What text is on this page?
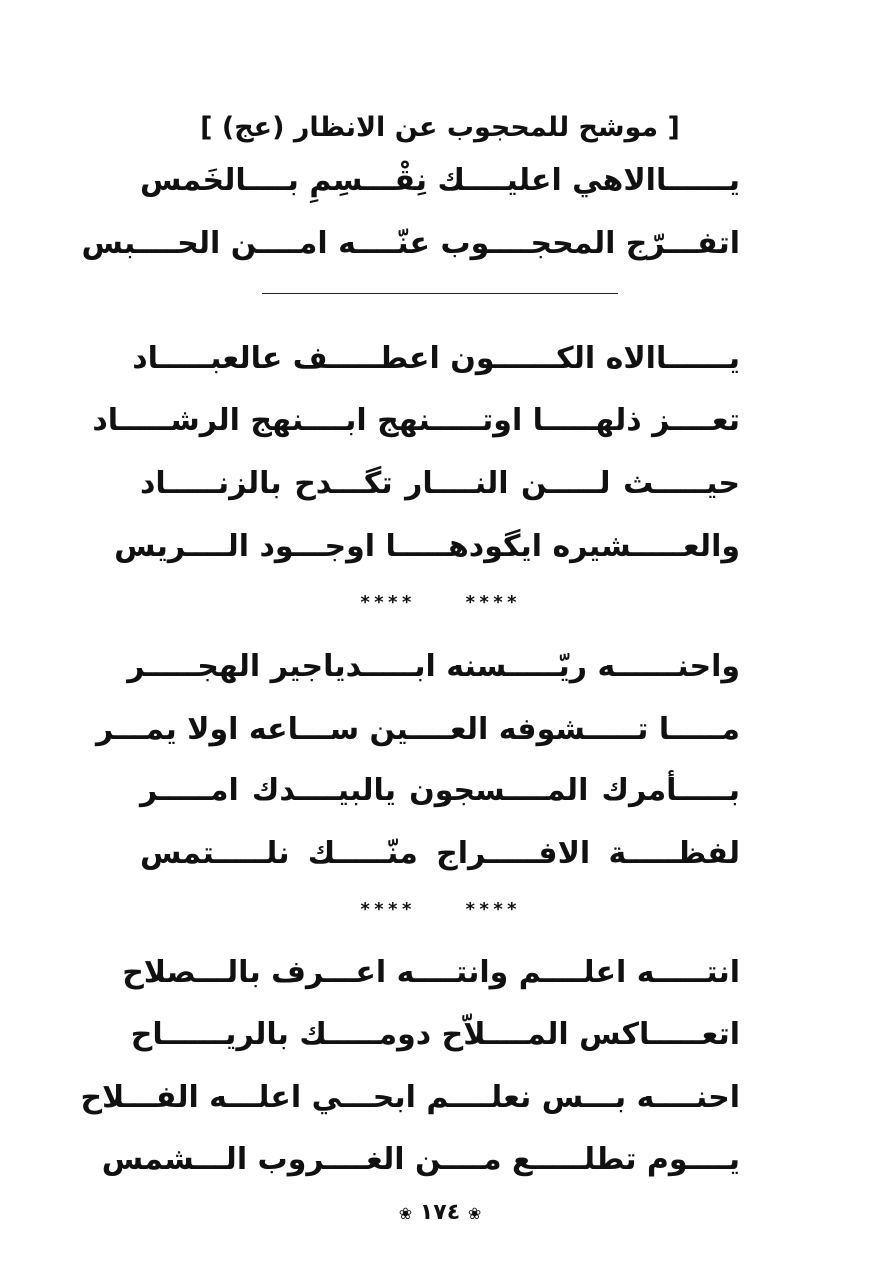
[ موشح للمحجوب عن الانظار (عج) ]
يــــــاالاهي اعليــــك نِقْـــسِمِ بــــالخَمس
اتفـــرّج المحجــــوب عنّــــه امــــن الحــــبس
يــــــاالاه الكــــــون اعطـــــف عالعبـــــاد
تعــــز ذلهـــــا اوتـــــنهج ابــــنهج الرشـــــاد
حيـــــث لـــــن النــــار تگـــدح بالزنـــــاد
والعـــــشيره ايگودهـــــا اوجـــود الــــريس
****	****
واحنــــــه ريّـــــسنه ابـــــدياجير الهجـــــر
مـــــا تـــــشوفه العــــين ســـاعه اولا يمـــر
بـــــأمرك المــــسجون يالبيــــدك امـــــر
لفظـــــة الافـــــراج منّـــــك نلـــــتمس
****	****
انتـــــه اعلــــم وانتــــه اعـــرف بالـــصلاح
اتعـــــاكس المــــلاّح دومـــــك بالريــــــاح
احنــــه بـــس نعلــــم ابحـــي اعلـــه الفـــلاح
يــــوم تطلـــــع مــــن الغــــروب الـــشمس
❀ ١٧٤ ❀
